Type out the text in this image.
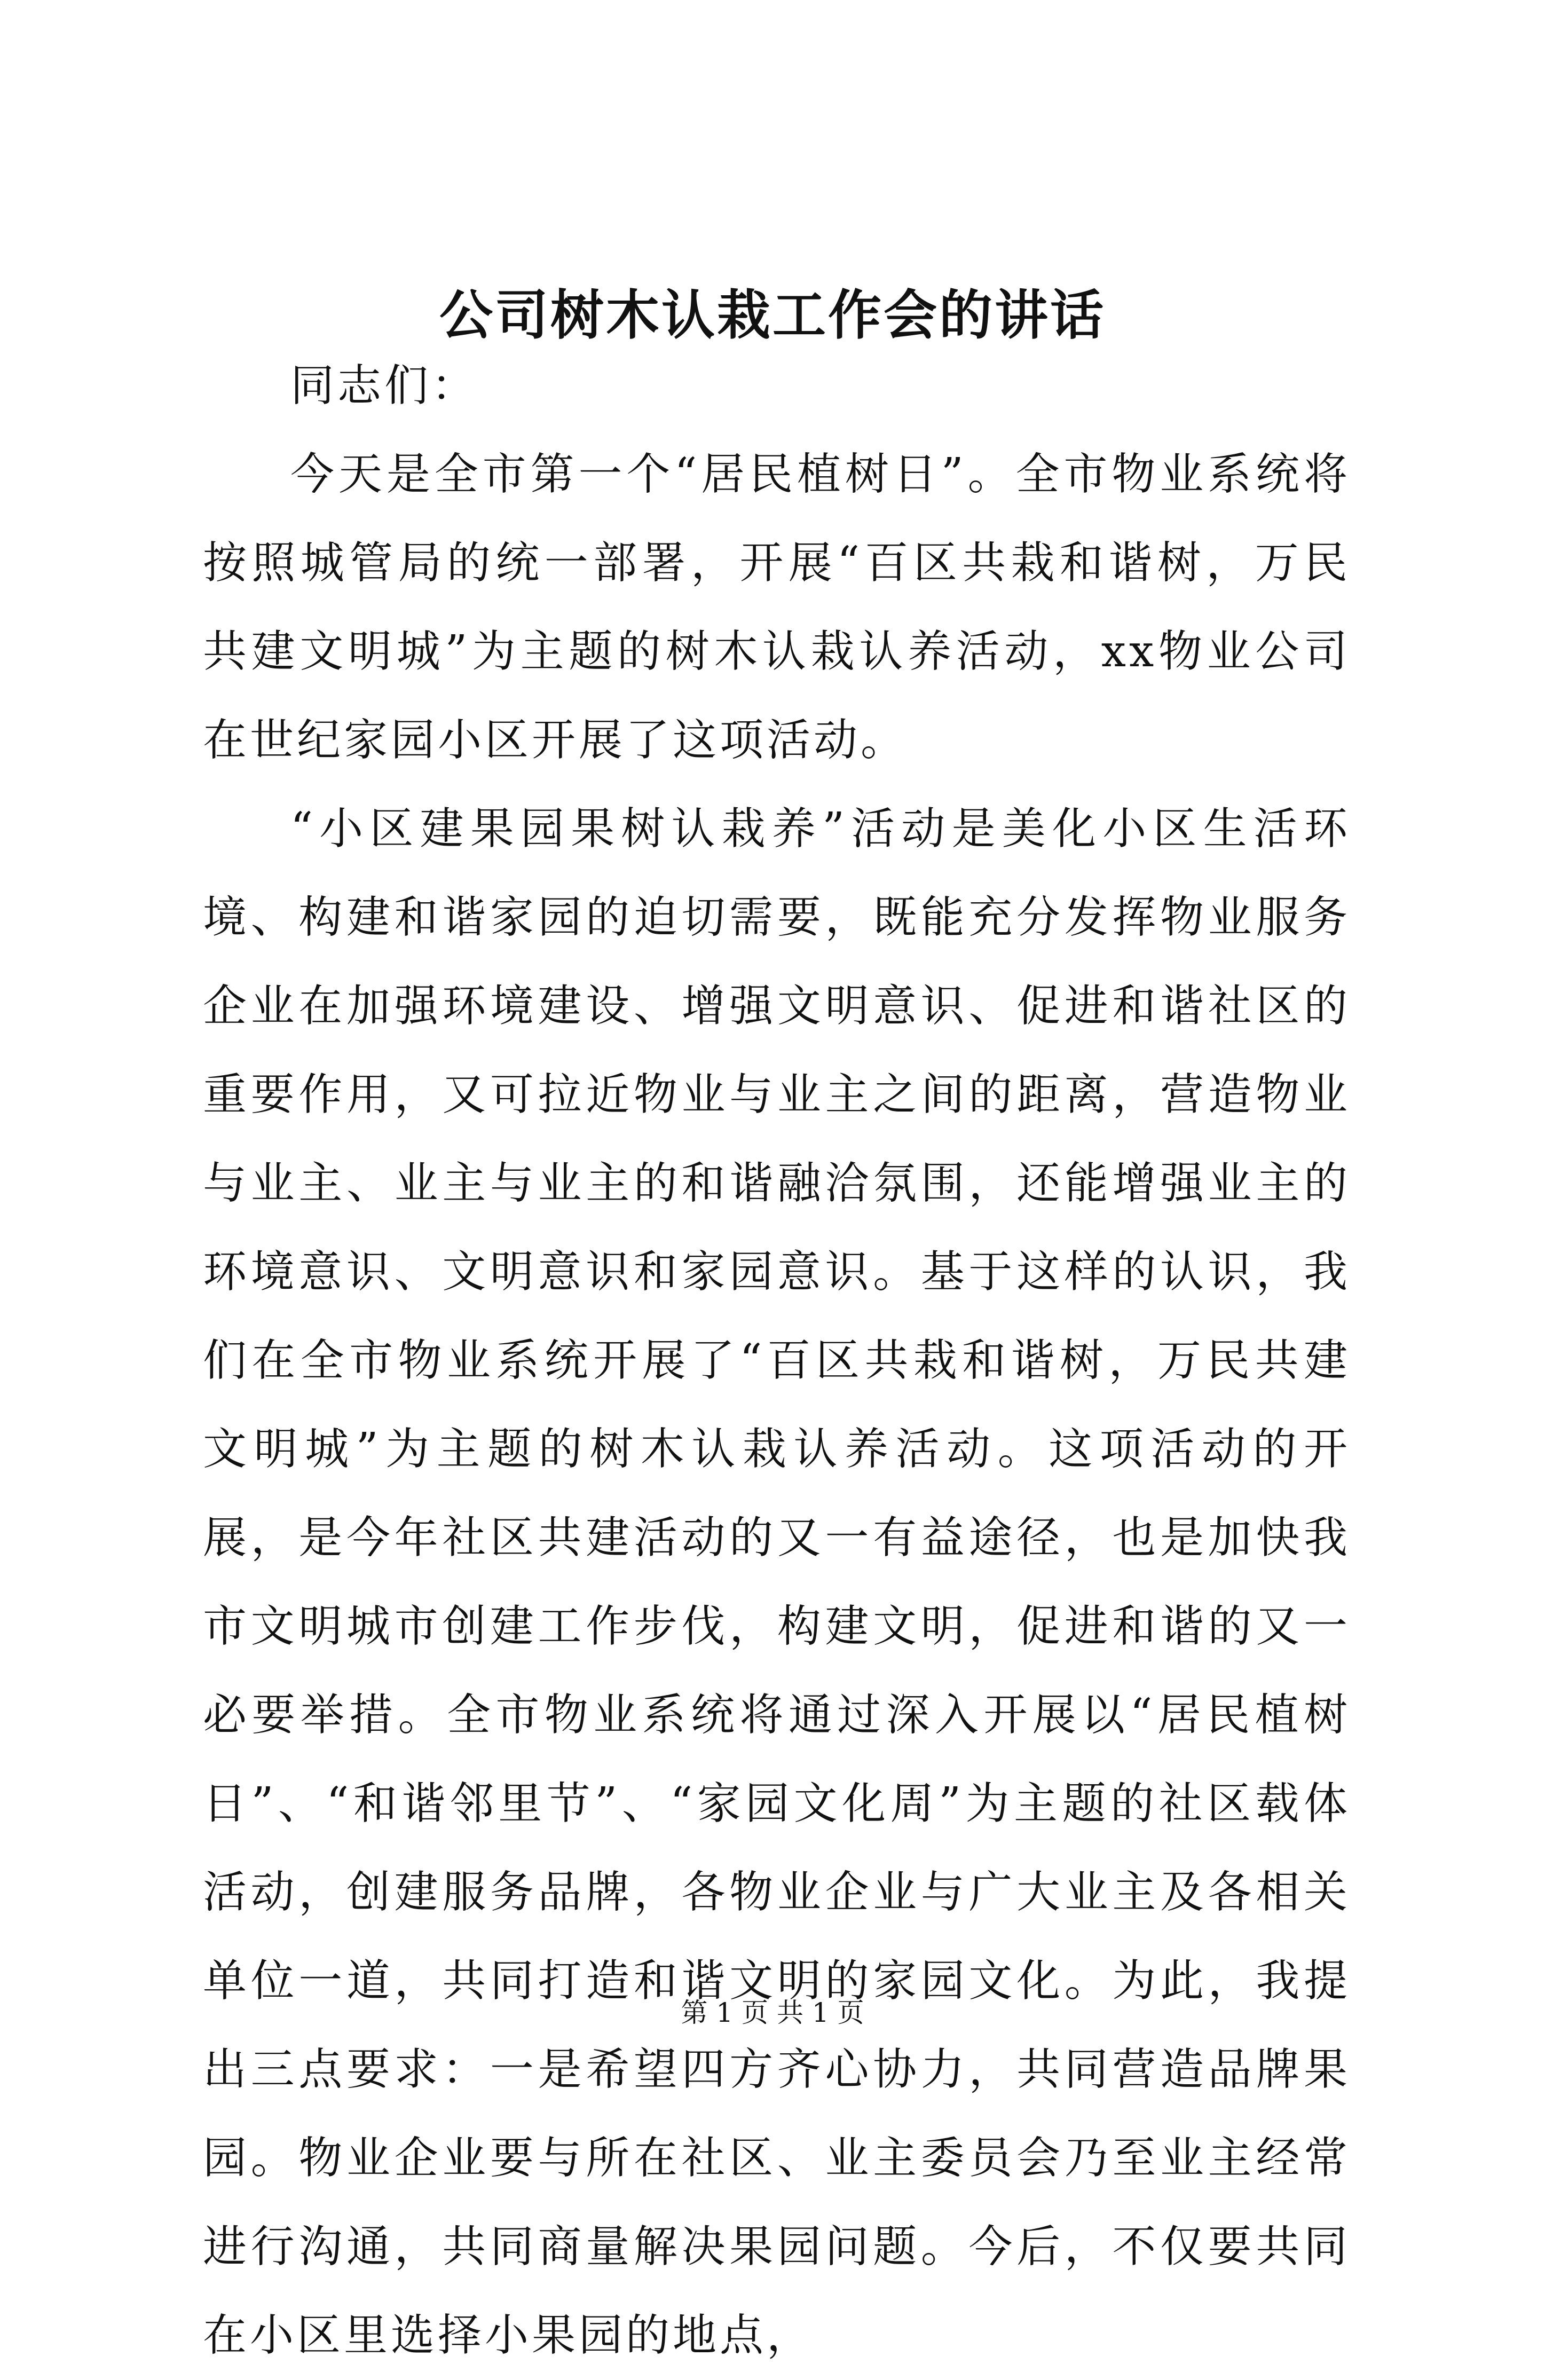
公司树木认栽工作会的讲话

同志们：

今天是全市第一个“居民植树日”。全市物业系统将按照城管局的统一部署，开展“百区共栽和谐树，万民共建文明城”为主题的树木认栽认养活动，xx物业公司在世纪家园小区开展了这项活动。

“小区建果园果树认栽养”活动是美化小区生活环境、构建和谐家园的迫切需要，既能充分发挥物业服务企业在加强环境建设、增强文明意识、促进和谐社区的重要作用，又可拉近物业与业主之间的距离，营造物业与业主、业主与业主的和谐融洽氛围，还能增强业主的环境意识、文明意识和家园意识。基于这样的认识，我们在全市物业系统开展了“百区共栽和谐树，万民共建文明城”为主题的树木认栽认养活动。这项活动的开展，是今年社区共建活动的又一有益途径，也是加快我市文明城市创建工作步伐，构建文明，促进和谐的又一必要举措。全市物业系统将通过深入开展以“居民植树日”、“和谐邻里节”、“家园文化周”为主题的社区载体活动，创建服务品牌，各物业企业与广大业主及各相关单位一道，共同打造和谐文明的家园文化。为此，我提出三点要求：一是希望四方齐心协力，共同营造品牌果园。物业企业要与所在社区、业主委员会乃至业主经常进行沟通，共同商量解决果园问题。今后，不仅要共同在小区里选择小果园的地点，

第 1 页 共 1 页
